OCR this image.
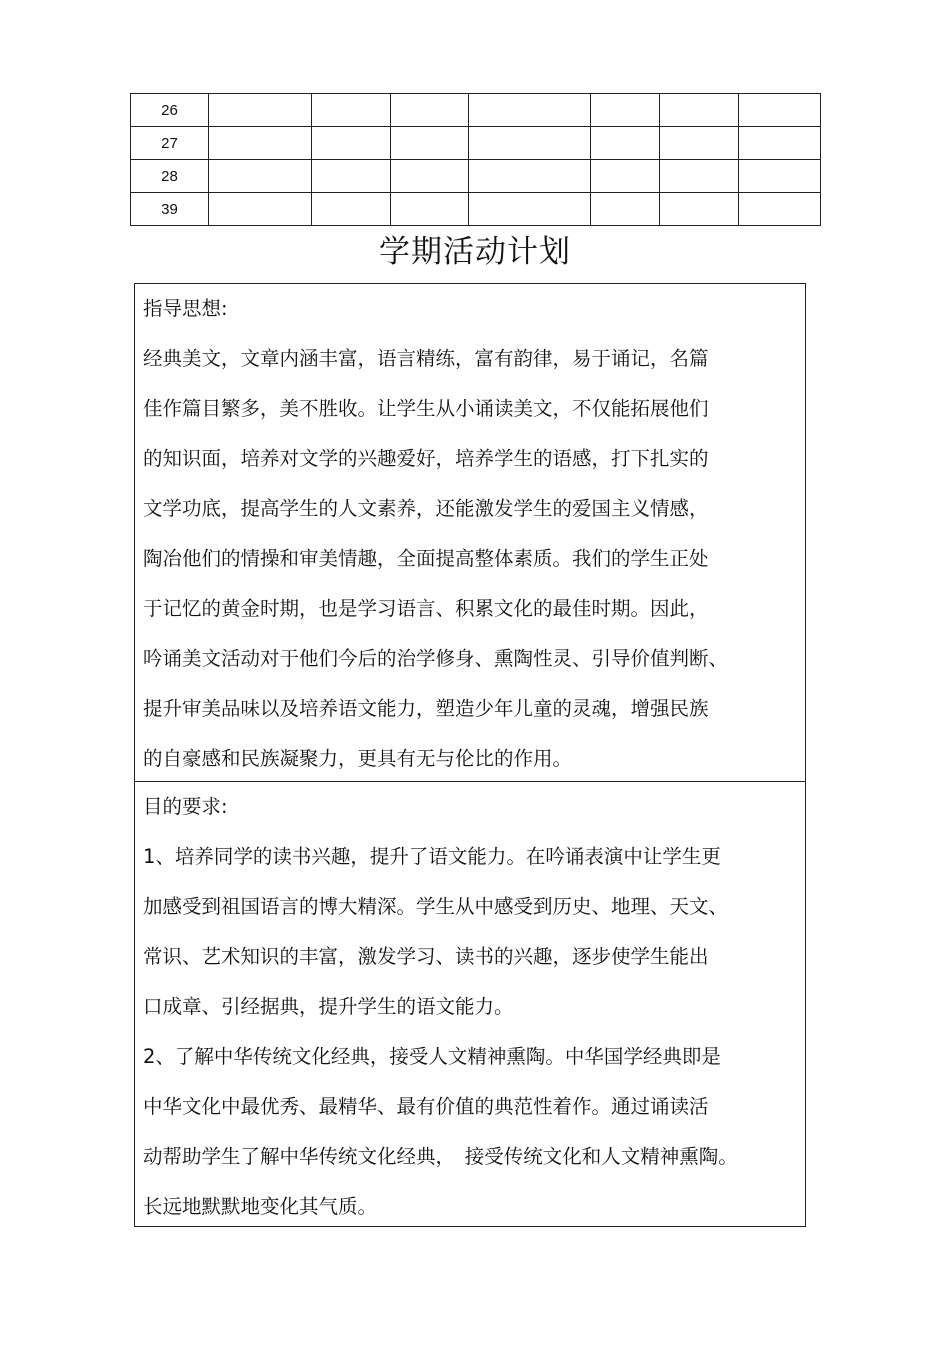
26							
27							
28							
39							
学期活动计划
指导思想:
经典美文，文章内涵丰富，语言精练，富有韵律，易于诵记，名篇
佳作篇目繁多，美不胜收。让学生从小诵读美文，不仅能拓展他们
的知识面，培养对文学的兴趣爱好，培养学生的语感，打下扎实的
文学功底，提高学生的人文素养，还能激发学生的爱国主义情感，
陶冶他们的情操和审美情趣，全面提高整体素质。我们的学生正处
于记忆的黄金时期，也是学习语言、积累文化的最佳时期。因此，
吟诵美文活动对于他们今后的治学修身、熏陶性灵、引导价值判断、
提升审美品味以及培养语文能力，塑造少年儿童的灵魂，增强民族
的自豪感和民族凝聚力，更具有无与伦比的作用。
目的要求:
1、培养同学的读书兴趣，提升了语文能力。在吟诵表演中让学生更
加感受到祖国语言的博大精深。学生从中感受到历史、地理、天文、
常识、艺术知识的丰富，激发学习、读书的兴趣，逐步使学生能出
口成章、引经据典，提升学生的语文能力。
2、了解中华传统文化经典，接受人文精神熏陶。中华国学经典即是
中华文化中最优秀、最精华、最有价值的典范性着作。通过诵读活
动帮助学生了解中华传统文化经典，　接受传统文化和人文精神熏陶。
长远地默默地变化其气质。
